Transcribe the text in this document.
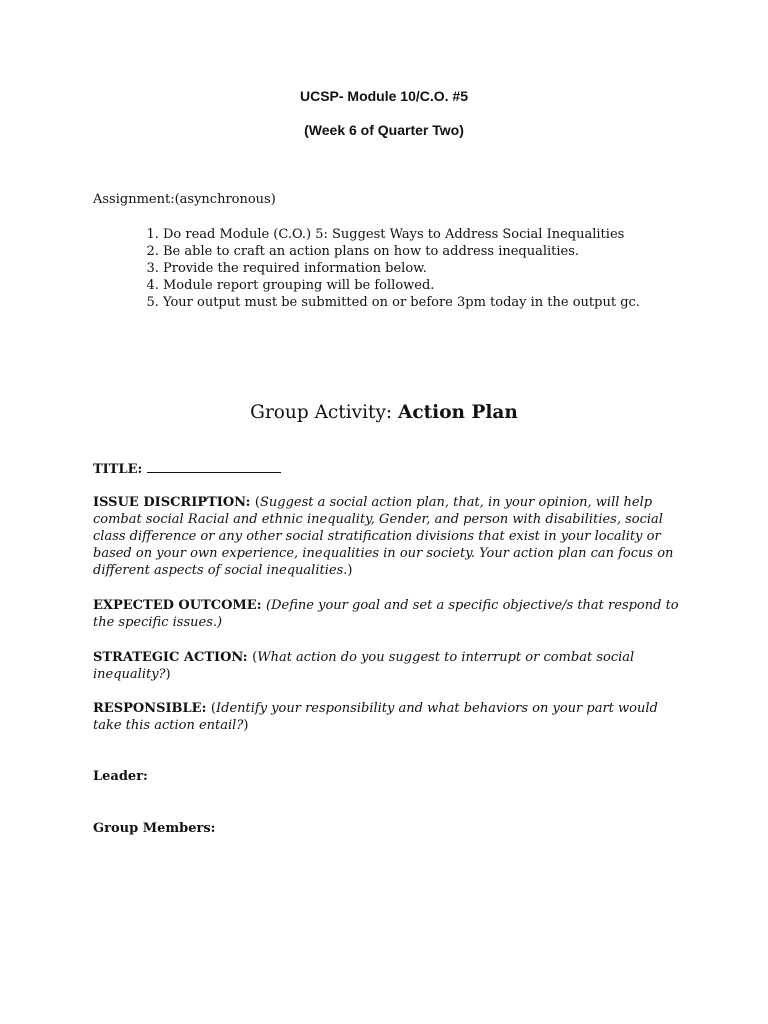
UCSP- Module 10/C.O. #5
(Week 6 of Quarter Two)
Assignment:(asynchronous)
1. Do read Module (C.O.) 5: Suggest Ways to Address Social Inequalities
2. Be able to craft an action plans on how to address inequalities.
3. Provide the required information below.
4. Module report grouping will be followed.
5. Your output must be submitted on or before 3pm today in the output gc.
Group Activity: Action Plan
TITLE:
ISSUE DISCRIPTION: (Suggest a social action plan, that, in your opinion, will help combat social Racial and ethnic inequality, Gender, and person with disabilities, social class difference or any other social stratification divisions that exist in your locality or based on your own experience, inequalities in our society. Your action plan can focus on different aspects of social inequalities.)
EXPECTED OUTCOME: (Define your goal and set a specific objective/s that respond to the specific issues.)
STRATEGIC ACTION: (What action do you suggest to interrupt or combat social inequality?)
RESPONSIBLE: (Identify your responsibility and what behaviors on your part would take this action entail?)
Leader:
Group Members:
